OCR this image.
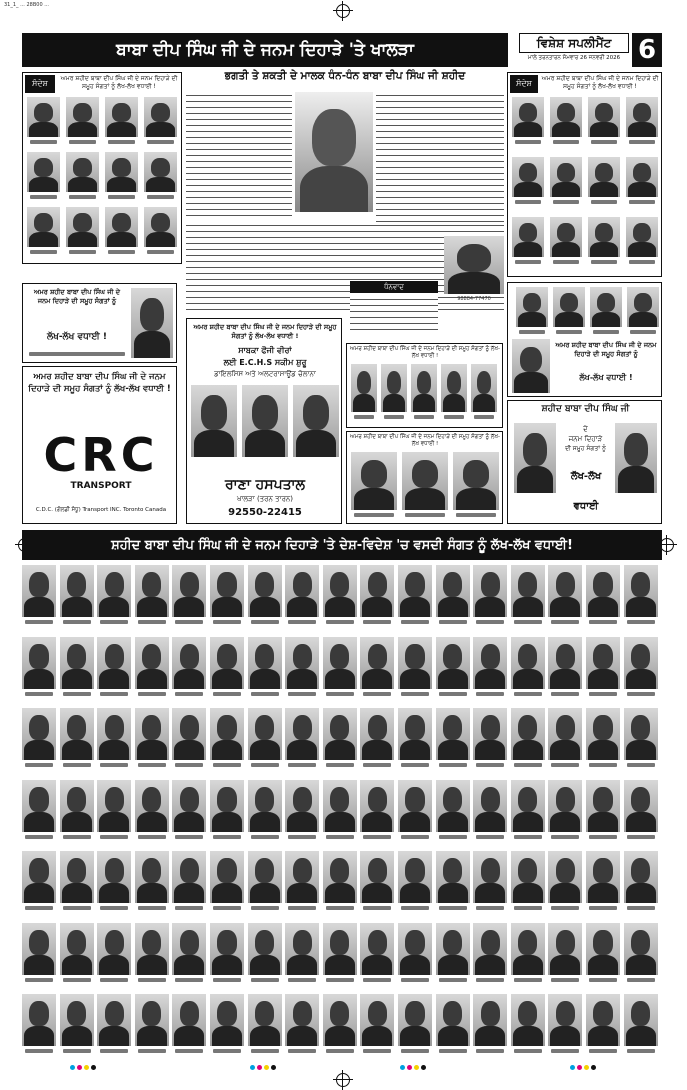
31_1_ ... 28B00 ...
ਬਾਬਾ ਦੀਪ ਸਿੰਘ ਜੀ ਦੇ ਜਨਮ ਦਿਹਾੜੇ 'ਤੇ ਖਾਲੜਾ	ਵਿਸ਼ੇਸ਼ ਸਪਲੀਮੈਂਟ
ਮਾਲੇ ਤਰਨਤਾਰਨ ਸੋਮਵਾਰ 26 ਜਨਵਰੀ 2026 6
ਸੰਦੇਸ਼
ਅਮਰ ਸ਼ਹੀਦ ਬਾਬਾ ਦੀਪ ਸਿੰਘ ਜੀ ਦੇ ਜਨਮ ਦਿਹਾੜੇ ਦੀ ਸਮੂਹ ਸੰਗਤਾਂ ਨੂੰ ਲੱਖ-ਲੱਖ ਵਧਾਈ !	ਸੰਦੇਸ਼
ਅਮਰ ਸ਼ਹੀਦ ਬਾਬਾ ਦੀਪ ਸਿੰਘ ਜੀ ਦੇ ਜਨਮ ਦਿਹਾੜੇ ਦੀ ਸਮੂਹ ਸੰਗਤਾਂ ਨੂੰ ਲੱਖ-ਲੱਖ ਵਧਾਈ !
ਭਗਤੀ ਤੇ ਸ਼ਕਤੀ ਦੇ ਮਾਲਕ ਧੰਨ-ਧੰਨ ਬਾਬਾ ਦੀਪ ਸਿੰਘ ਜੀ ਸ਼ਹੀਦ
98884-77470
ਧੰਨਵਾਦ
ਅਮਰ ਸ਼ਹੀਦ ਬਾਬਾ ਦੀਪ ਸਿੰਘ ਜੀ ਦੇ ਜਨਮ ਦਿਹਾੜੇ ਦੀ ਸਮੂਹ ਸੰਗਤਾਂ ਨੂੰ
ਲੱਖ-ਲੱਖ ਵਧਾਈ !
ਅਮਰ ਸ਼ਹੀਦ ਬਾਬਾ ਦੀਪ ਸਿੰਘ ਜੀ ਦੇ ਜਨਮ ਦਿਹਾੜੇ ਦੀ ਸਮੂਹ ਸੰਗਤਾਂ ਨੂੰ ਲੱਖ-ਲੱਖ ਵਧਾਈ !
CRC
TRANSPORT
C.D.C. (ਗੋਲਡੀ ਸੰਧੂ) Transport INC. Toronto Canada
ਅਮਰ ਸ਼ਹੀਦ ਬਾਬਾ ਦੀਪ ਸਿੰਘ ਜੀ ਦੇ ਜਨਮ ਦਿਹਾੜੇ ਦੀ ਸਮੂਹ ਸੰਗਤਾਂ ਨੂੰ ਲੱਖ-ਲੱਖ ਵਧਾਈ !
ਸਾਬਕਾ ਫੌਜੀ ਵੀਰਾਂ
ਲਈ E.C.H.S ਸਕੀਮ ਸ਼ੁਰੂ
ਡਾਇਲਸਿਸ ਅਤੇ ਅਲਟਰਾਸਾਊਂਡ ਚੋਲਾਨਾ
ਰਾਣਾ ਹਸਪਤਾਲ
ਖਾਲੜਾ (ਤਰਨ ਤਾਰਨ)
92550-22415
ਅਮਰ ਸ਼ਹੀਦ ਬਾਬਾ ਦੀਪ ਸਿੰਘ ਜੀ ਦੇ ਜਨਮ ਦਿਹਾੜੇ ਦੀ ਸਮੂਹ ਸੰਗਤਾਂ ਨੂੰ ਲੱਖ-ਲੱਖ ਵਧਾਈ !
ਅਮਰ ਸ਼ਹੀਦ ਬਾਬਾ ਦੀਪ ਸਿੰਘ ਜੀ ਦੇ ਜਨਮ ਦਿਹਾੜੇ ਦੀ ਸਮੂਹ ਸੰਗਤਾਂ ਨੂੰ ਲੱਖ-ਲੱਖ ਵਧਾਈ !
ਅਮਰ ਸ਼ਹੀਦ ਬਾਬਾ ਦੀਪ ਸਿੰਘ ਜੀ ਦੇ ਜਨਮ ਦਿਹਾੜੇ ਦੀ ਸਮੂਹ ਸੰਗਤਾਂ ਨੂੰ
ਲੱਖ-ਲੱਖ ਵਧਾਈ !
ਸ਼ਹੀਦ ਬਾਬਾ ਦੀਪ ਸਿੰਘ ਜੀ
ਦੇ
ਜਨਮ ਦਿਹਾੜੇ
ਦੀ ਸਮੂਹ ਸੰਗਤਾਂ ਨੂੰ
ਲੱਖ-ਲੱਖ
ਵਧਾਈ
ਸ਼ਹੀਦ ਬਾਬਾ ਦੀਪ ਸਿੰਘ ਜੀ ਦੇ ਜਨਮ ਦਿਹਾੜੇ 'ਤੇ ਦੇਸ਼-ਵਿਦੇਸ਼ 'ਚ ਵਸਦੀ ਸੰਗਤ ਨੂੰ ਲੱਖ-ਲੱਖ ਵਧਾਈ!
